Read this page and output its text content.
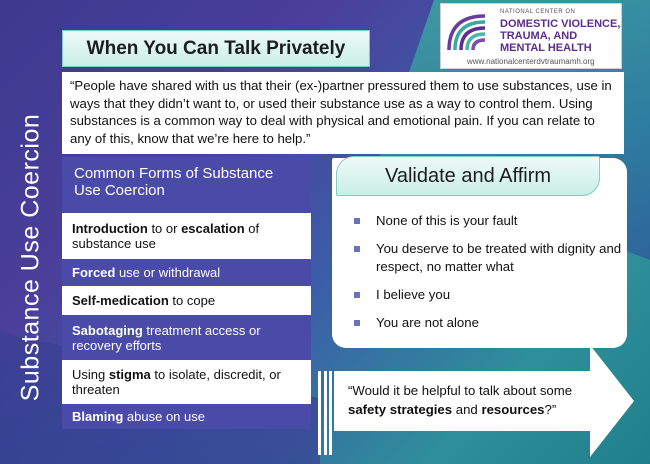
When You Can Talk Privately
NATIONAL CENTER ON
DOMESTIC VIOLENCE,
TRAUMA, AND
MENTAL HEALTH
www.nationalcenterdvtraumamh.org
Substance Use Coercion
“People have shared with us that their (ex-)partner pressured them to use substances, use in ways that they didn’t want to, or used their substance use as a way to control them. Using substances is a common way to deal with physical and emotional pain. If you can relate to any of this, know that we’re here to help.”
Common Forms of Substance Use Coercion
Introduction to or escalation of substance use
Forced use or withdrawal
Self-medication to cope
Sabotaging treatment access or recovery efforts
Using stigma to isolate, discredit, or threaten
Blaming abuse on use
Validate and Affirm
None of this is your fault
You deserve to be treated with dignity and respect, no matter what
I believe you
You are not alone
“Would it be helpful to talk about some safety strategies and resources?”
